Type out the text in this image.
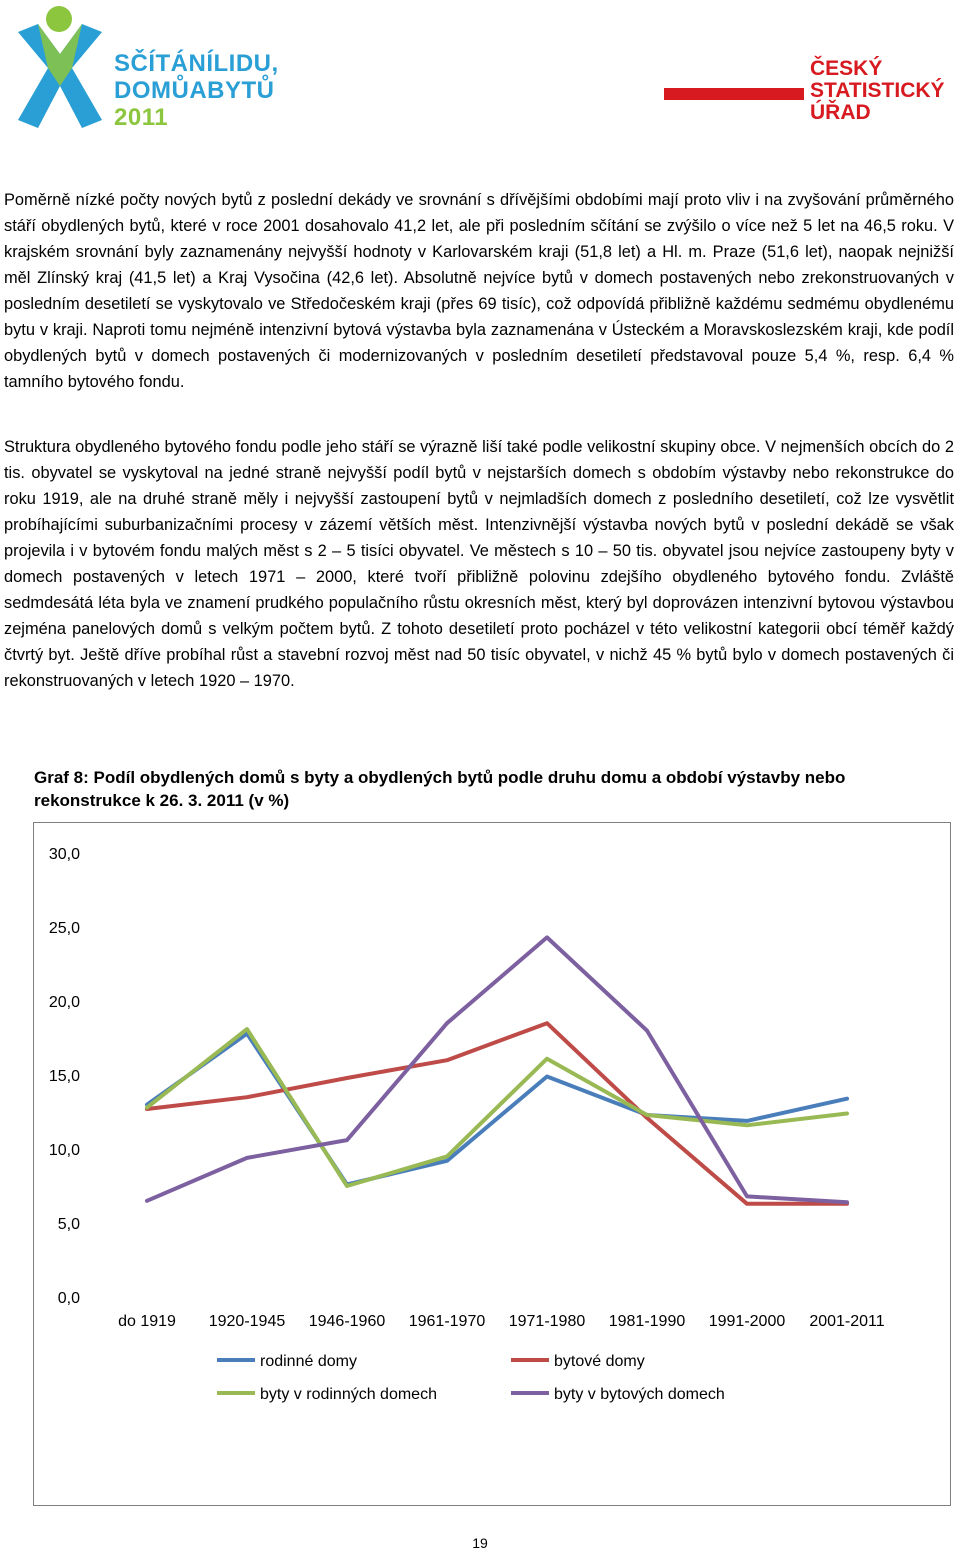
SČÍTÁNÍLIDU,
DOMŮABYTŮ
2011
ČESKÝ
STATISTICKÝ
ÚŘAD
Poměrně nízké počty nových bytů z poslední dekády ve srovnání s dřívějšími obdobími mají proto vliv i na zvyšování průměrného stáří obydlených bytů, které v roce 2001 dosahovalo 41,2 let, ale při posledním sčítání se zvýšilo o více než 5 let na 46,5 roku. V krajském srovnání byly zaznamenány nejvyšší hodnoty v Karlovarském kraji (51,8 let) a Hl. m. Praze (51,6 let), naopak nejnižší měl Zlínský kraj (41,5 let) a Kraj Vysočina (42,6 let). Absolutně nejvíce bytů v domech postavených nebo zrekonstruovaných v posledním desetiletí se vyskytovalo ve Středočeském kraji (přes 69 tisíc), což odpovídá přibližně každému sedmému obydlenému bytu v kraji. Naproti tomu nejméně intenzivní bytová výstavba byla zaznamenána v Ústeckém a Moravskoslezském kraji, kde podíl obydlených bytů v domech postavených či modernizovaných v posledním desetiletí představoval pouze 5,4 %, resp. 6,4 % tamního bytového fondu.
Struktura obydleného bytového fondu podle jeho stáří se výrazně liší také podle velikostní skupiny obce. V nejmenších obcích do 2 tis. obyvatel se vyskytoval na jedné straně nejvyšší podíl bytů v nejstarších domech s obdobím výstavby nebo rekonstrukce do roku 1919, ale na druhé straně měly i nejvyšší zastoupení bytů v nejmladších domech z posledního desetiletí, což lze vysvětlit probíhajícími suburbanizačními procesy v zázemí větších měst. Intenzivnější výstavba nových bytů v poslední dekádě se však projevila i v bytovém fondu malých měst s 2 – 5 tisíci obyvatel. Ve městech s 10 – 50 tis. obyvatel jsou nejvíce zastoupeny byty v domech postavených v letech 1971 – 2000, které tvoří přibližně polovinu zdejšího obydleného bytového fondu. Zvláště sedmdesátá léta byla ve znamení prudkého populačního růstu okresních měst, který byl doprovázen intenzivní bytovou výstavbou zejména panelových domů s velkým počtem bytů. Z tohoto desetiletí proto pocházel v této velikostní kategorii obcí téměř každý čtvrtý byt. Ještě dříve probíhal růst a stavební rozvoj měst nad 50 tisíc obyvatel, v nichž 45 % bytů bylo v domech postavených či rekonstruovaných v letech 1920 – 1970.
Graf 8: Podíl obydlených domů s byty a obydlených bytů podle druhu domu a období výstavby nebo rekonstrukce k 26. 3. 2011 (v %)
0,0
5,0
10,0
15,0
20,0
25,0
30,0
do 1919 1920-1945 1946-1960 1961-1970 1971-1980 1981-1990 1991-2000 2001-2011
rodinné domy	bytové domy
byty v rodinných domech	byty v bytových domech
19
